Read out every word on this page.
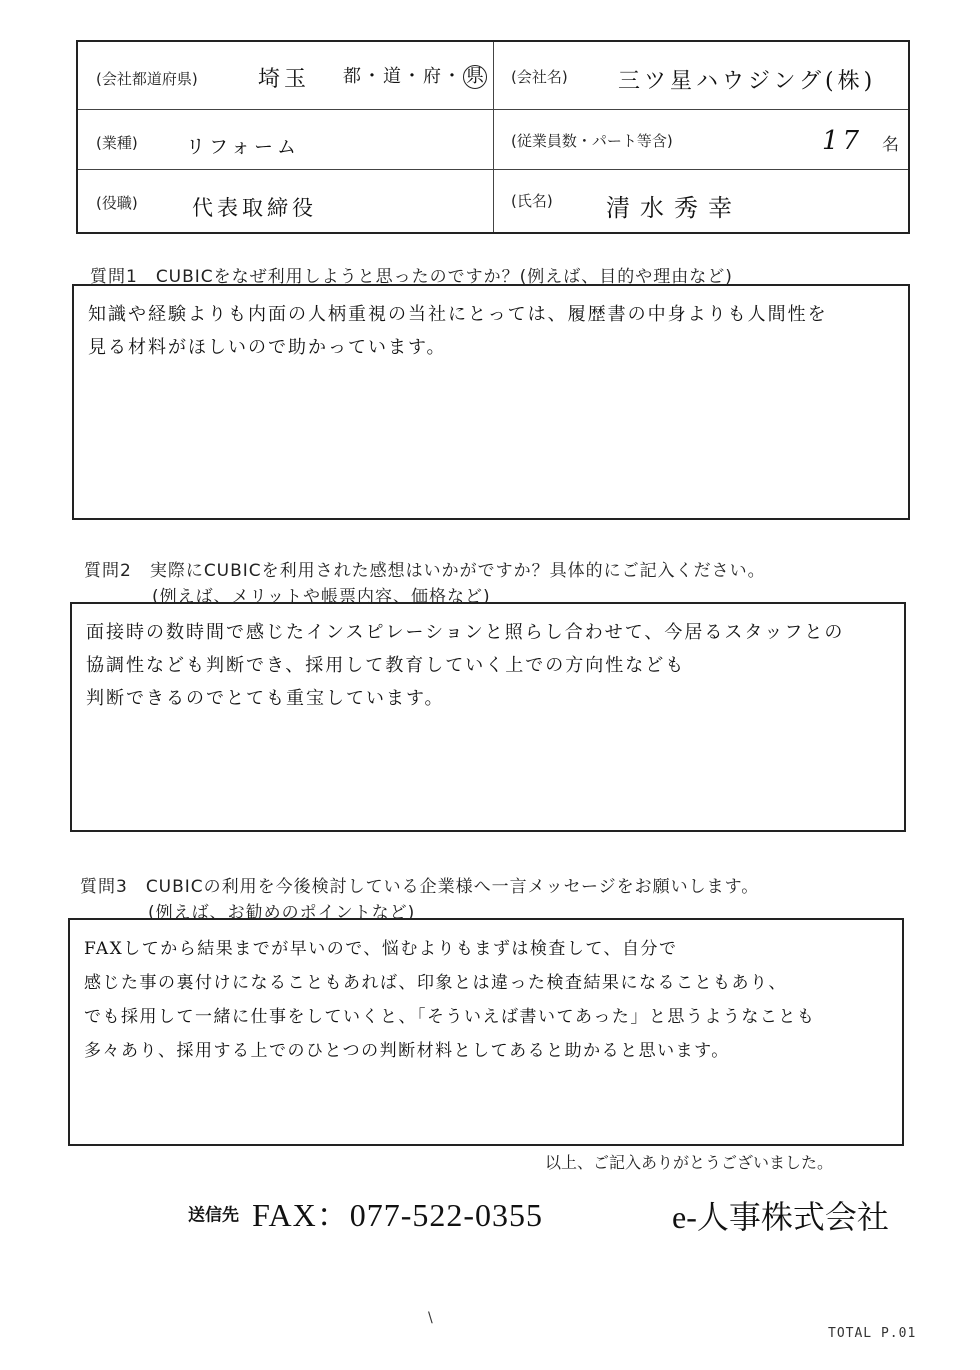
(会社都道府県)	埼玉 都・道・府・ 県 (会社名) 三ツ星ハウジング(株)
(業種)	リフォーム	(従業員数・パート等含)	17 名
(役職)	代表取締役	(氏名) 清水秀幸
質問1　CUBICをなぜ利用しようと思ったのですか？(例えば、目的や理由など)
知識や経験よりも内面の人柄重視の当社にとっては、履歴書の中身よりも人間性を
見る材料がほしいので助かっています。
質問2　実際にCUBICを利用された感想はいかがですか？具体的にご記入ください。
(例えば、メリットや帳票内容、価格など)
面接時の数時間で感じたインスピレーションと照らし合わせて、今居るスタッフとの
協調性なども判断でき、採用して教育していく上での方向性なども
判断できるのでとても重宝しています。
質問3　CUBICの利用を今後検討している企業様へ一言メッセージをお願いします。
(例えば、お勧めのポイントなど)
FAXしてから結果までが早いので、悩むよりもまずは検査して、自分で
感じた事の裏付けになることもあれば、印象とは違った検査結果になることもあり、
でも採用して一緒に仕事をしていくと、「そういえば書いてあった」と思うようなことも
多々あり、採用する上でのひとつの判断材料としてあると助かると思います。
以上、ご記入ありがとうございました。
送信先 FAX：077-522-0355	e-人事株式会社
\
TOTAL P.01
